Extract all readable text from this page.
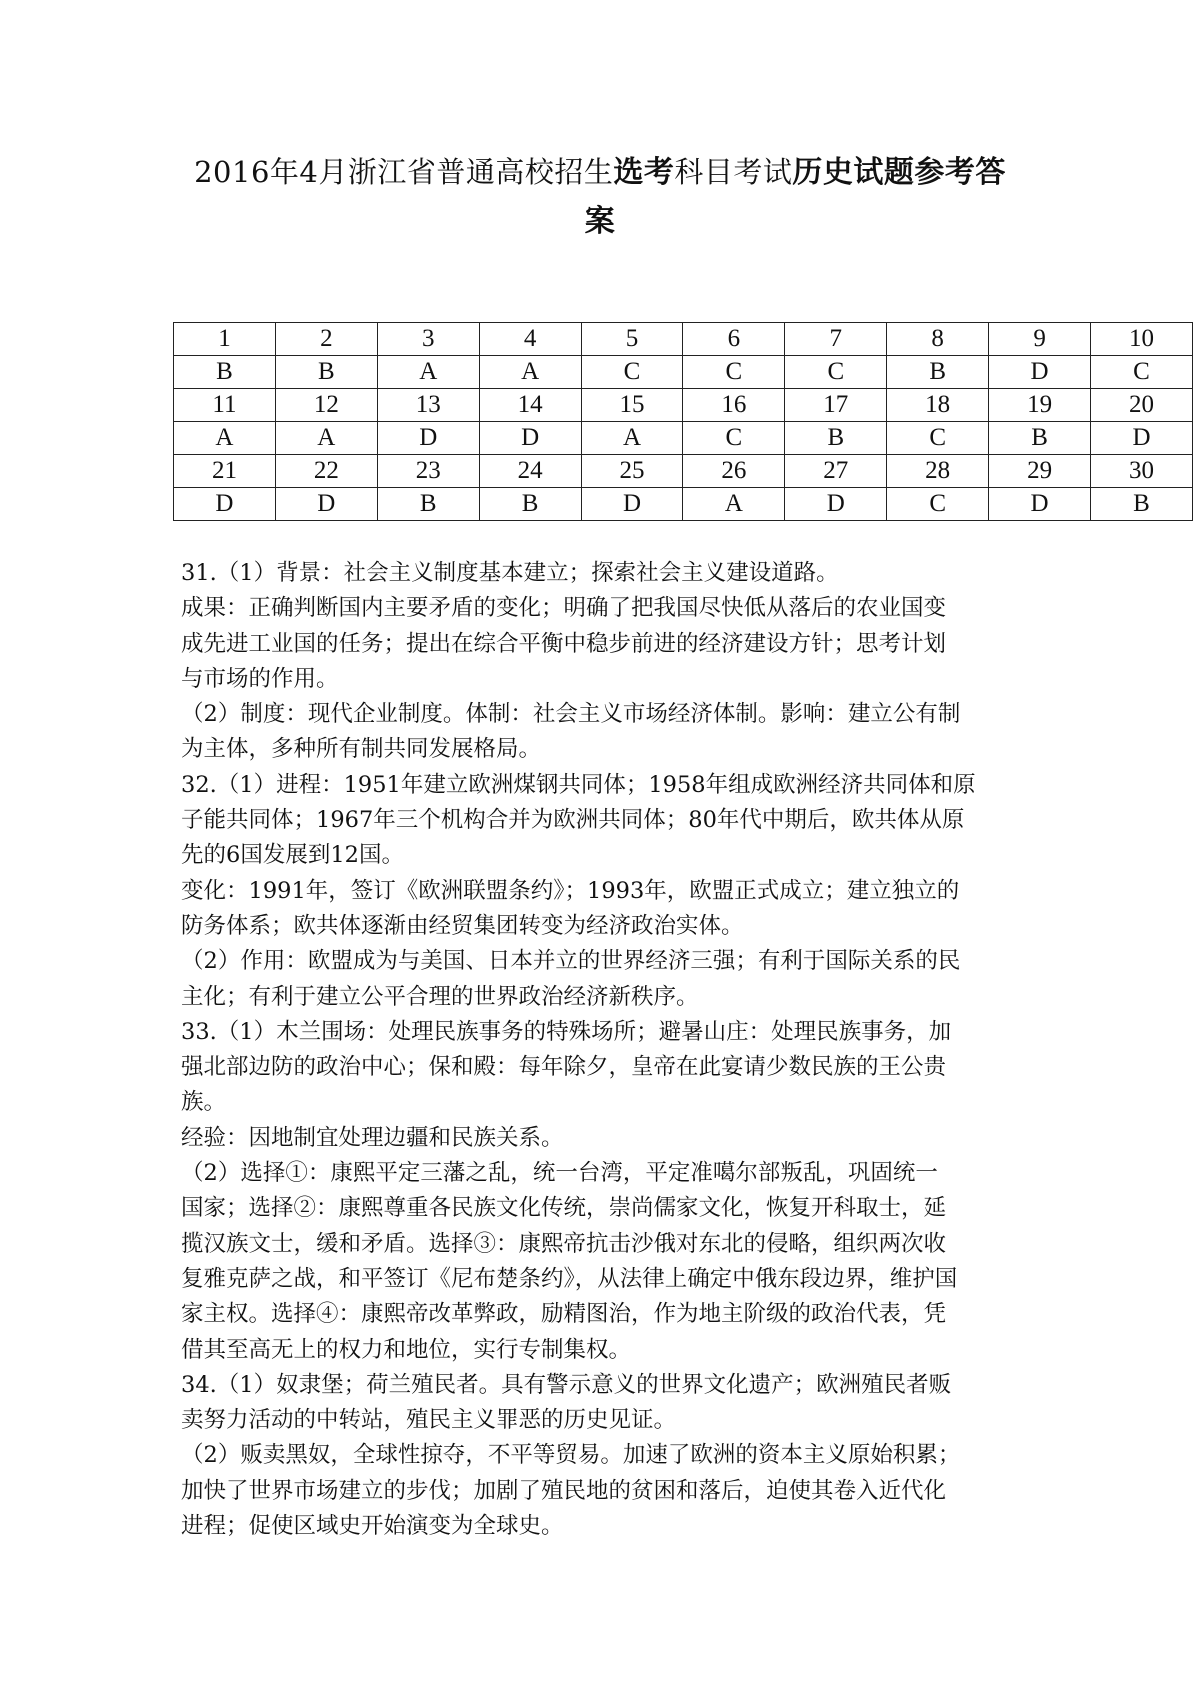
2016年4月浙江省普通高校招生选考科目考试历史试题参考答
案
1	2	3	4	5	6	7	8	9	10
B	B	A	A	C	C	C	B	D	C
11	12	13	14	15	16	17	18	19	20
A	A	D	D	A	C	B	C	B	D
21	22	23	24	25	26	27	28	29	30
D	D	B	B	D	A	D	C	D	B

31.（1）背景：社会主义制度基本建立；探索社会主义建设道路。

成果：正确判断国内主要矛盾的变化；明确了把我国尽快低从落后的农业国变

成先进工业国的任务；提出在综合平衡中稳步前进的经济建设方针；思考计划

与市场的作用。

（2）制度：现代企业制度。体制：社会主义市场经济体制。影响：建立公有制

为主体，多种所有制共同发展格局。

32.（1）进程：1951年建立欧洲煤钢共同体；1958年组成欧洲经济共同体和原

子能共同体；1967年三个机构合并为欧洲共同体；80年代中期后，欧共体从原

先的6国发展到12国。

变化：1991年，签订《欧洲联盟条约》；1993年，欧盟正式成立；建立独立的

防务体系；欧共体逐渐由经贸集团转变为经济政治实体。

（2）作用：欧盟成为与美国、日本并立的世界经济三强；有利于国际关系的民

主化；有利于建立公平合理的世界政治经济新秩序。

33.（1）木兰围场：处理民族事务的特殊场所；避暑山庄：处理民族事务，加

强北部边防的政治中心；保和殿：每年除夕，皇帝在此宴请少数民族的王公贵

族。

经验：因地制宜处理边疆和民族关系。

（2）选择①：康熙平定三藩之乱，统一台湾，平定准噶尔部叛乱，巩固统一

国家；选择②：康熙尊重各民族文化传统，崇尚儒家文化，恢复开科取士，延

揽汉族文士，缓和矛盾。选择③：康熙帝抗击沙俄对东北的侵略，组织两次收

复雅克萨之战，和平签订《尼布楚条约》，从法律上确定中俄东段边界，维护国

家主权。选择④：康熙帝改革弊政，励精图治，作为地主阶级的政治代表，凭

借其至高无上的权力和地位，实行专制集权。

34.（1）奴隶堡；荷兰殖民者。具有警示意义的世界文化遗产；欧洲殖民者贩

卖努力活动的中转站，殖民主义罪恶的历史见证。

（2）贩卖黑奴，全球性掠夺，不平等贸易。加速了欧洲的资本主义原始积累；

加快了世界市场建立的步伐；加剧了殖民地的贫困和落后，迫使其卷入近代化

进程；促使区域史开始演变为全球史。
